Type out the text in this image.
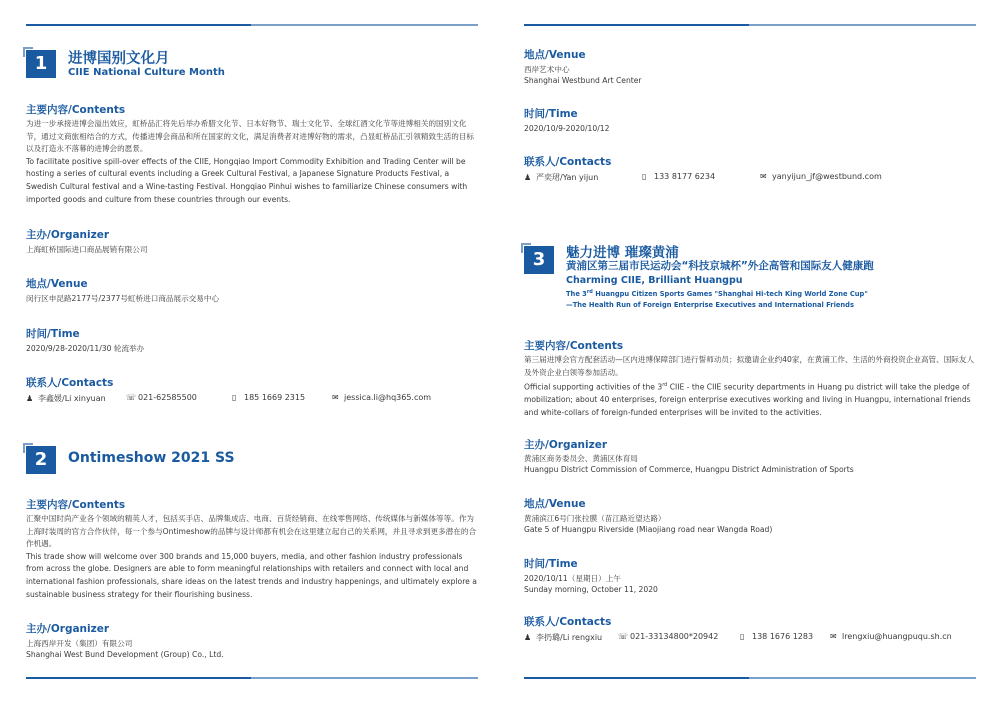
1	进博国别文化月
CIIE National Culture Month
主要内容/Contents
为进一步承接进博会溢出效应，虹桥品汇将先后举办希腊文化节、日本好物节、瑞士文化节、全球红酒文化节等进博相关的国别文化节，通过文商旅相结合的方式，传播进博会商品和所在国家的文化，满足消费者对进博好物的需求，凸显虹桥品汇引领精致生活的目标以及打造永不落幕的进博会的愿景。
To facilitate positive spill-over effects of the CIIE, Hongqiao Import Commodity Exhibition and Trading Center will be hosting a series of cultural events including a Greek Cultural Festival, a Japanese Signature Products Festival, a Swedish Cultural festival and a Wine-tasting Festival. Hongqiao Pinhui wishes to familiarize Chinese consumers with imported goods and culture from these countries through our events.
主办/Organizer
上海虹桥国际进口商品展销有限公司
地点/Venue
闵行区申昆路2177号/2377号虹桥进口商品展示交易中心
时间/Time
2020/9/28-2020/11/30 轮流举办
联系人/Contacts
♟ 李鑫媛/Li xinyuan	☏ 021-62585500	▯ 185 1669 2315	✉ jessica.li@hq365.com
2	Ontimeshow 2021 SS
主要内容/Contents
汇聚中国时尚产业各个领域的精英人才，包括买手店、品牌集成店、电商、百货经销商、在线零售网络、传统媒体与新媒体等等。作为上海时装周的官方合作伙伴，每一个参与Ontimeshow的品牌与设计师都有机会在这里建立起自己的关系网，并且寻求到更多潜在的合作机遇。
This trade show will welcome over 300 brands and 15,000 buyers, media, and other fashion industry professionals from across the globe. Designers are able to form meaningful relationships with retailers and connect with local and international fashion professionals, share ideas on the latest trends and industry happenings, and ultimately explore a sustainable business strategy for their flourishing business.
主办/Organizer
上海西岸开发（集团）有限公司
Shanghai West Bund Development (Group) Co., Ltd.
地点/Venue
西岸艺术中心
Shanghai Westbund Art Center
时间/Time
2020/10/9-2020/10/12
联系人/Contacts
♟ 严奕珺/Yan yijun	▯ 133 8177 6234	✉ yanyijun_jf@westbund.com
3	魅力进博 璀璨黄浦
黄浦区第三届市民运动会“科技京城杯”外企高管和国际友人健康跑
Charming CIIE, Brilliant Huangpu
The 3rd Huangpu Citizen Sports Games "Shanghai Hi-tech King World Zone Cup"
—The Health Run of Foreign Enterprise Executives and International Friends
主要内容/Contents
第三届进博会官方配套活动—区内进博保障部门进行誓师动员；拟邀请企业约40家，在黄浦工作、生活的外商投资企业高管、国际友人及外资企业白领等参加活动。
Official supporting activities of the 3rd CIIE - the CIIE security departments in Huang pu district will take the pledge of mobilization; about 40 enterprises, foreign enterprise executives working and living in Huangpu, international friends and white-collars of foreign-funded enterprises will be invited to the activities.
主办/Organizer
黄浦区商务委员会、黄浦区体育局
Huangpu District Commission of Commerce, Huangpu District Administration of Sports
地点/Venue
黄浦滨江6号门张拉膜（苗江路近望达路）
Gate 5 of Huangpu Riverside (Miaojiang road near Wangda Road)
时间/Time
2020/10/11（星期日）上午
Sunday morning, October 11, 2020
联系人/Contacts
♟ 李扔璐/Li rengxiu ☏ 021-33134800*20942	▯ 138 1676 1283 ✉ lrengxiu@huangpuqu.sh.cn
